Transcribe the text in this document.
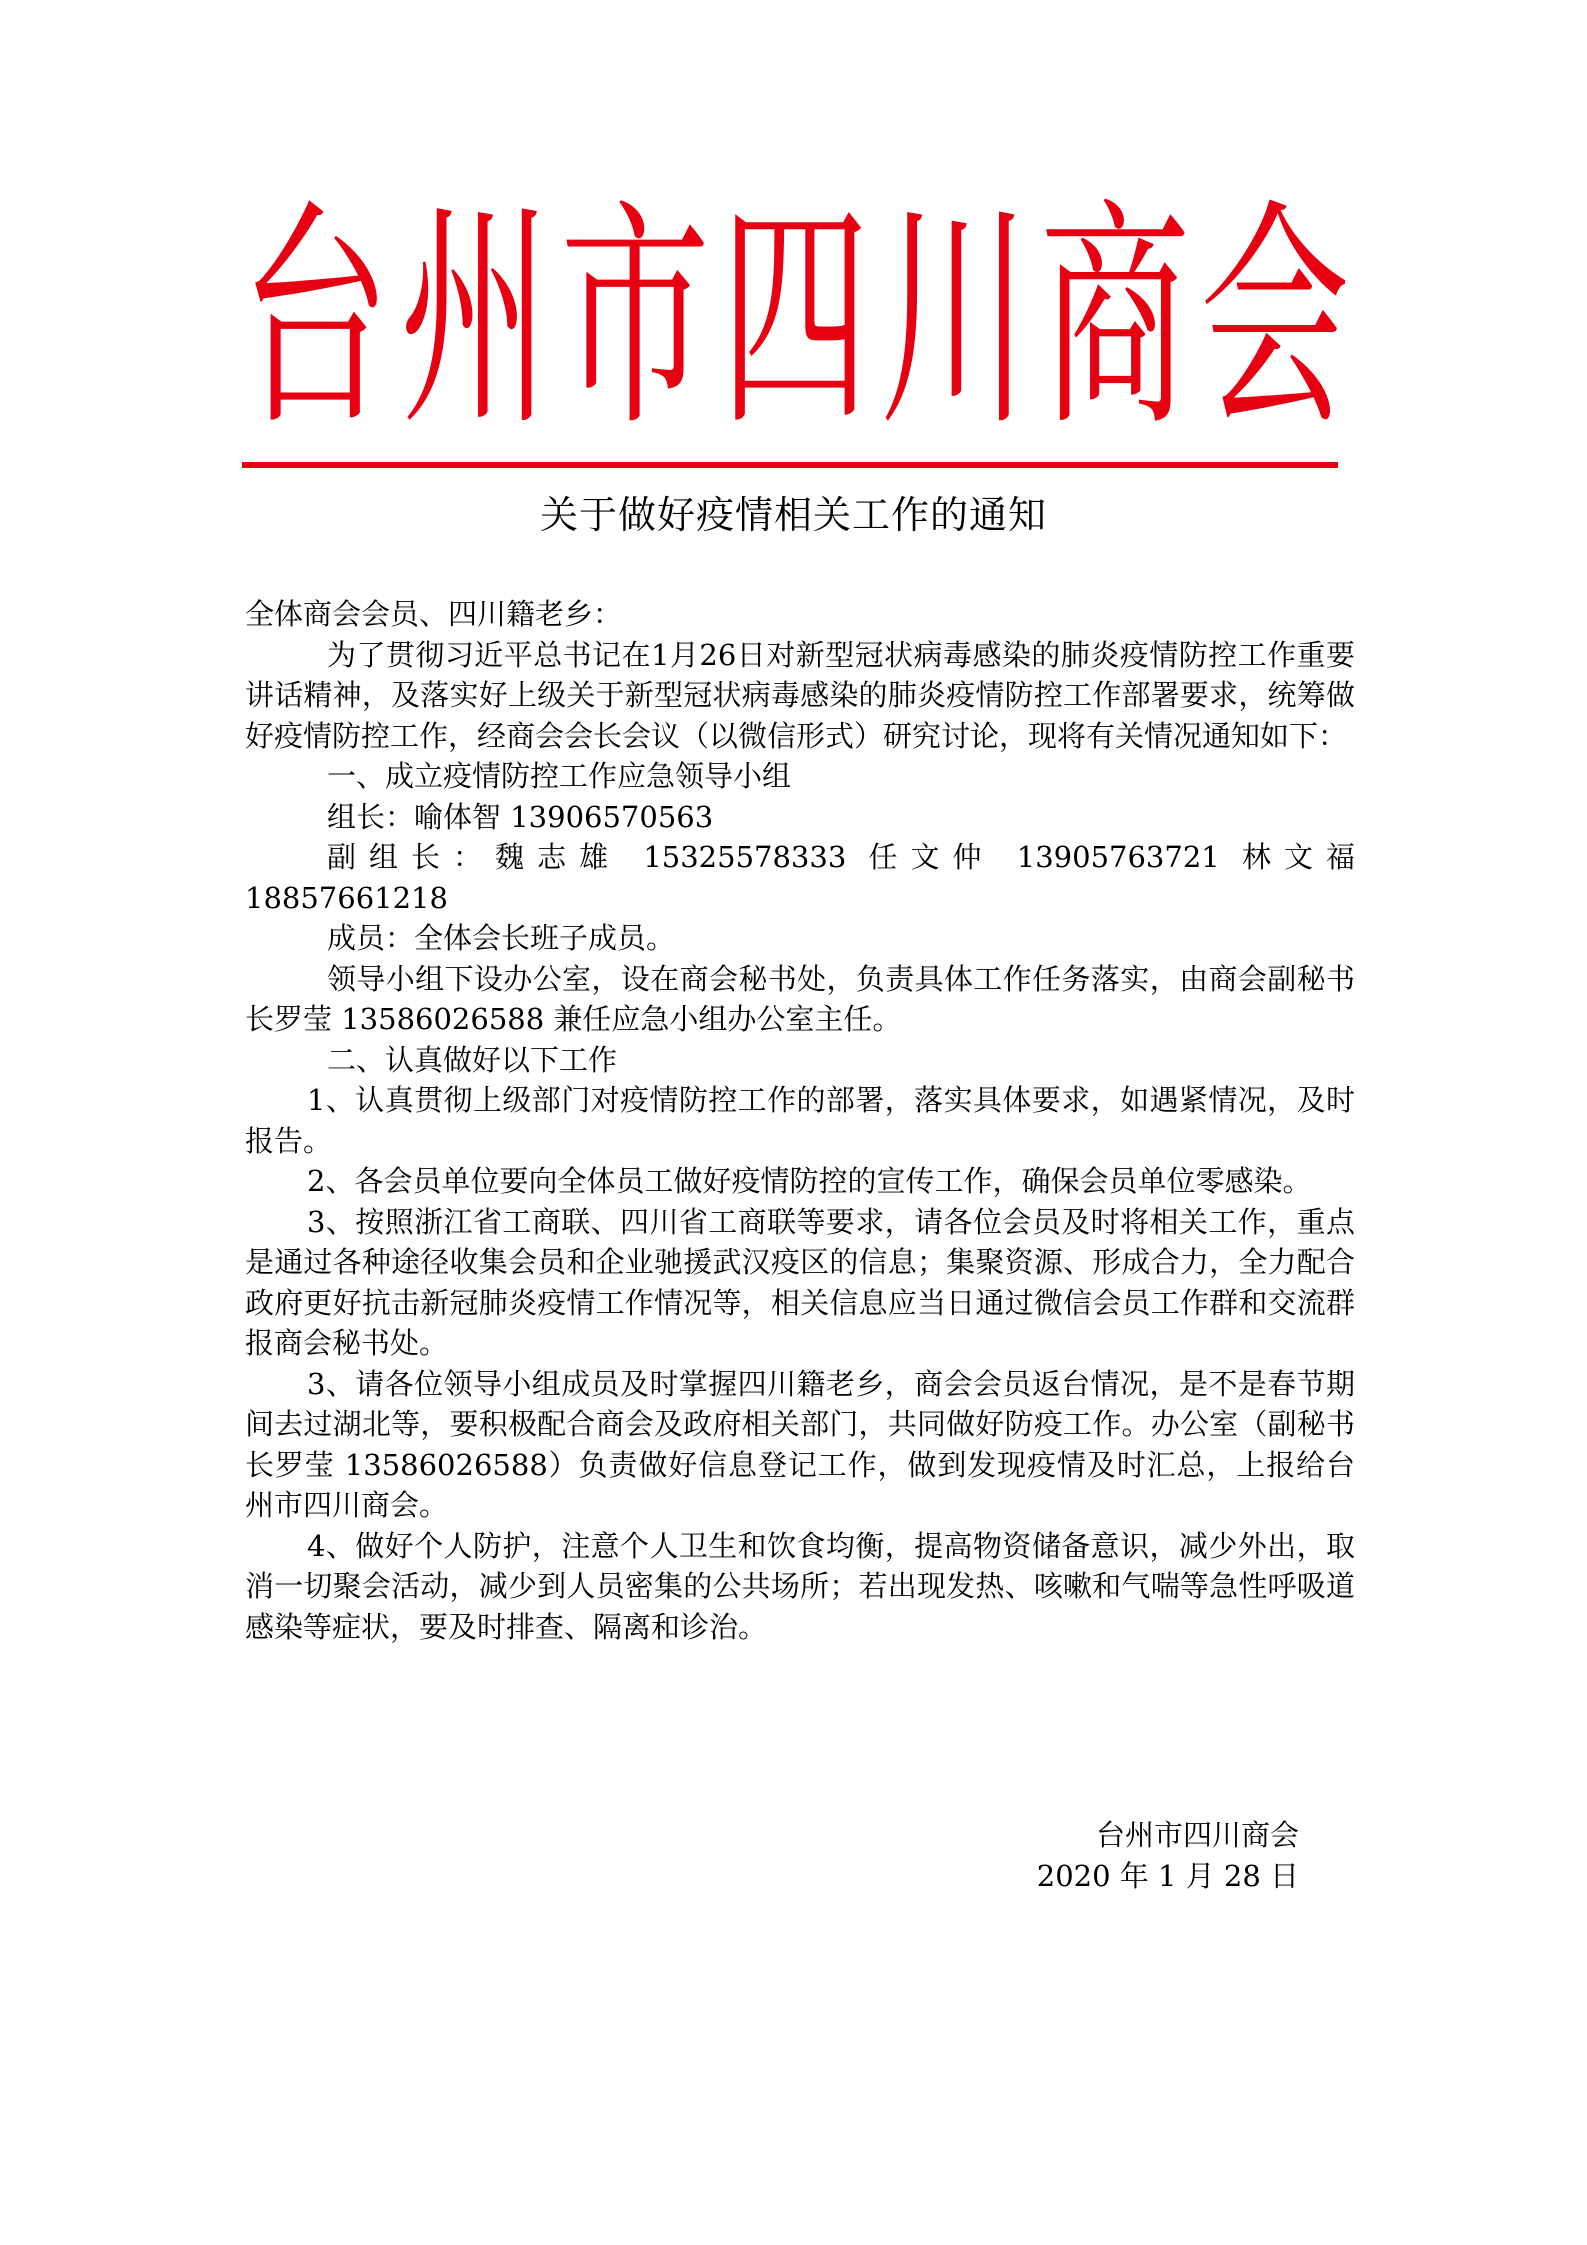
台 州 市 四 川 商 会
关于做好疫情相关工作的通知

全体商会会员、四川籍老乡：

为了贯彻习近平总书记在1月26日对新型冠状病毒感染的肺炎疫情防控工作重要讲话精神，及落实好上级关于新型冠状病毒感染的肺炎疫情防控工作部署要求，统筹做好疫情防控工作，经商会会长会议（以微信形式）研究讨论，现将有关情况通知如下：

一、成立疫情防控工作应急领导小组

组长：喻体智 13906570563

副组长：魏志雄 15325578333 任文仲 13905763721 林文福 18857661218

成员：全体会长班子成员。

领导小组下设办公室，设在商会秘书处，负责具体工作任务落实，由商会副秘书长罗莹 13586026588 兼任应急小组办公室主任。

二、认真做好以下工作

1、认真贯彻上级部门对疫情防控工作的部署，落实具体要求，如遇紧情况，及时报告。

2、各会员单位要向全体员工做好疫情防控的宣传工作，确保会员单位零感染。

3、按照浙江省工商联、四川省工商联等要求，请各位会员及时将相关工作，重点是通过各种途径收集会员和企业驰援武汉疫区的信息；集聚资源、形成合力，全力配合政府更好抗击新冠肺炎疫情工作情况等，相关信息应当日通过微信会员工作群和交流群报商会秘书处。

3、请各位领导小组成员及时掌握四川籍老乡，商会会员返台情况，是不是春节期间去过湖北等，要积极配合商会及政府相关部门，共同做好防疫工作。办公室（副秘书长罗莹 13586026588）负责做好信息登记工作，做到发现疫情及时汇总，上报给台州市四川商会。

4、做好个人防护，注意个人卫生和饮食均衡，提高物资储备意识，减少外出，取消一切聚会活动，减少到人员密集的公共场所；若出现发热、咳嗽和气喘等急性呼吸道感染等症状，要及时排查、隔离和诊治。

台州市四川商会
2020 年 1 月 28 日
